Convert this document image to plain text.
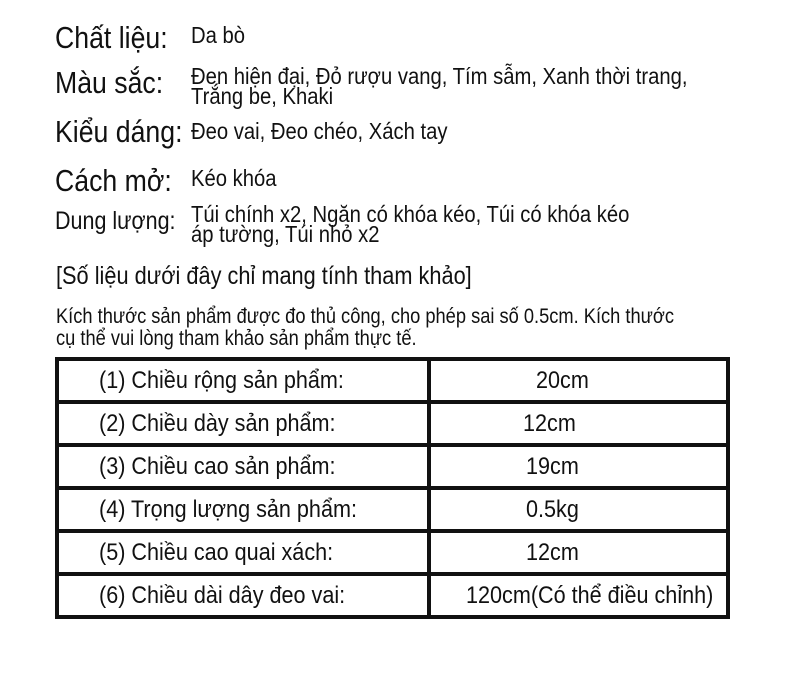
Chất liệu: Da bò
Màu sắc: Đen hiện đại, Đỏ rượu vang, Tím sẫm, Xanh thời trang,
Trắng be, Khaki
Kiểu dáng: Đeo vai, Đeo chéo, Xách tay
Cách mở: Kéo khóa
Dung lượng: Túi chính x2, Ngăn có khóa kéo, Túi có khóa kéo
áp tường, Túi nhỏ x2
[Số liệu dưới đây chỉ mang tính tham khảo]
Kích thước sản phẩm được đo thủ công, cho phép sai số 0.5cm. Kích thước
cụ thể vui lòng tham khảo sản phẩm thực tế.
(1) Chiều rộng sản phẩm:	20cm
(2) Chiều dày sản phẩm:	12cm
(3) Chiều cao sản phẩm:	19cm
(4) Trọng lượng sản phẩm:	0.5kg
(5) Chiều cao quai xách:	12cm
(6) Chiều dài dây đeo vai:	120cm(Có thể điều chỉnh)
